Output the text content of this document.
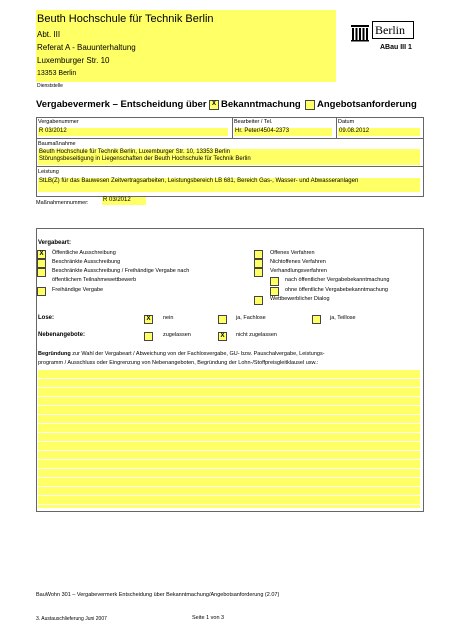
Beuth Hochschule für Technik Berlin
Abt. III
Referat A - Bauunterhaltung
Luxemburger Str. 10
13353 Berlin
Dienststelle
Berlin
ABau III 1
Vergabevermerk – Entscheidung über X Bekanntmachung Angebotsanforderung
Vergabenummer
R 03/2012
Bearbeiter / Tel.
Hr. Peter/4504-2373
Datum
09.08.2012
Baumaßnahme
Beuth Hochschule für Technik Berlin, Luxemburger Str. 10, 13353 Berlin
Störungsbeseitigung in Liegenschaften der Beuth Hochschule für Technik Berlin
Leistung
StLB(Z) für das Bauwesen Zeitvertragsarbeiten, Leistungsbereich LB 681, Bereich Gas-, Wasser- und Abwasseranlagen
Maßnahmennummer: R 03/2012
Vergabeart:
X	Öffentliche Ausschreibung
Beschränkte Ausschreibung
Beschränkte Ausschreibung / Freihändige Vergabe nach
öffentlichem Teilnahmewettbewerb
Freihändige Vergabe
Offenes Verfahren
Nichtoffenes Verfahren
Verhandlungsverfahren
nach öffentlicher Vergabebekanntmachung
ohne öffentliche Vergabebekanntmachung
Wettbewerblicher Dialog
Lose:	X	nein	ja, Fachlose	ja, Teillose
Nebenangebote:	zugelassen	X	nicht zugelassen
Begründung zur Wahl der Vergabeart / Abweichung von der Fachlosvergabe, GU- bzw. Pauschalvergabe, Leistungs-
programm / Ausschluss oder Eingrenzung von Nebenangeboten, Begründung der Lohn-/Stoffpreisgleitklausel usw.:
BauWohn 301 – Vergabevermerk Entscheidung über Bekanntmachung/Angebotsanforderung (2.07)
3. Austauschlieferung Juni 2007	Seite 1 von 3
